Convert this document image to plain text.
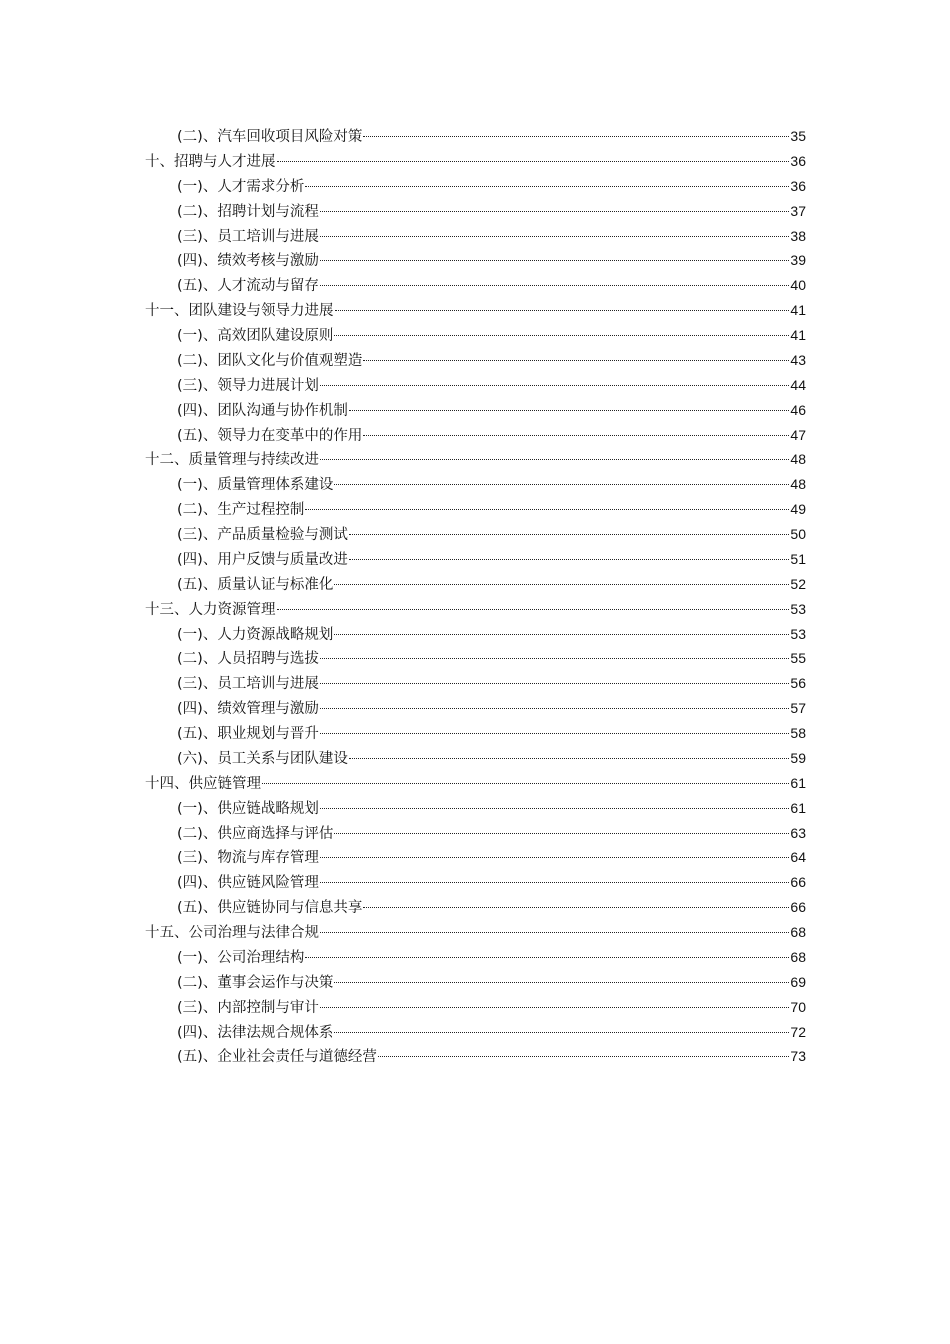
(二)、汽车回收项目风险对策	35
十、招聘与人才进展	36
(一)、人才需求分析	36
(二)、招聘计划与流程	37
(三)、员工培训与进展	38
(四)、绩效考核与激励	39
(五)、人才流动与留存	40
十一、团队建设与领导力进展	41
(一)、高效团队建设原则	41
(二)、团队文化与价值观塑造	43
(三)、领导力进展计划	44
(四)、团队沟通与协作机制	46
(五)、领导力在变革中的作用	47
十二、质量管理与持续改进	48
(一)、质量管理体系建设	48
(二)、生产过程控制	49
(三)、产品质量检验与测试	50
(四)、用户反馈与质量改进	51
(五)、质量认证与标准化	52
十三、人力资源管理	53
(一)、人力资源战略规划	53
(二)、人员招聘与选拔	55
(三)、员工培训与进展	56
(四)、绩效管理与激励	57
(五)、职业规划与晋升	58
(六)、员工关系与团队建设	59
十四、供应链管理	61
(一)、供应链战略规划	61
(二)、供应商选择与评估	63
(三)、物流与库存管理	64
(四)、供应链风险管理	66
(五)、供应链协同与信息共享	66
十五、公司治理与法律合规	68
(一)、公司治理结构	68
(二)、董事会运作与决策	69
(三)、内部控制与审计	70
(四)、法律法规合规体系	72
(五)、企业社会责任与道德经营	73
